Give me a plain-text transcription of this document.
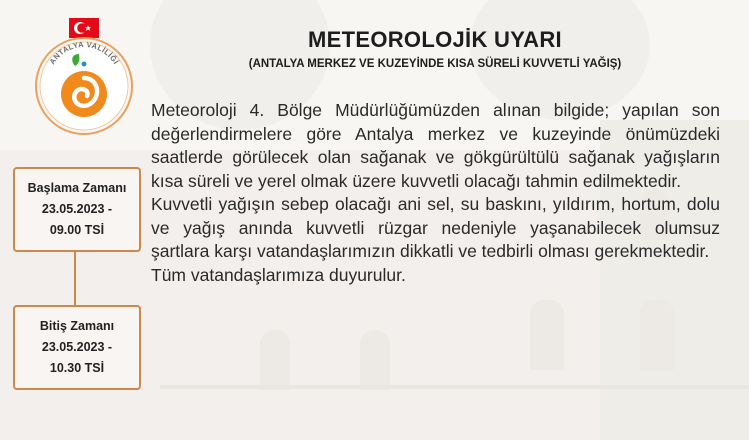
ANTALYA VALİLİĞİ
Başlama Zamanı
23.05.2023 -
09.00 TSİ
Bitiş Zamanı
23.05.2023 -
10.30 TSİ
METEOROLOJİK UYARI
(ANTALYA MERKEZ VE KUZEYİNDE KISA SÜRELİ KUVVETLİ YAĞIŞ)

Meteoroloji 4. Bölge Müdürlüğümüzden alınan bilgide; yapılan son değerlendirmelere göre Antalya merkez ve kuzeyinde önümüzdeki saatlerde görülecek olan sağanak ve gökgürültülü sağanak yağışların kısa süreli ve yerel olmak üzere kuvvetli olacağı tahmin edilmektedir.

Kuvvetli yağışın sebep olacağı ani sel, su baskını, yıldırım, hortum, dolu ve yağış anında kuvvetli rüzgar nedeniyle yaşanabilecek olumsuz şartlara karşı vatandaşlarımızın dikkatli ve tedbirli olması gerekmektedir.

Tüm vatandaşlarımıza duyurulur.
